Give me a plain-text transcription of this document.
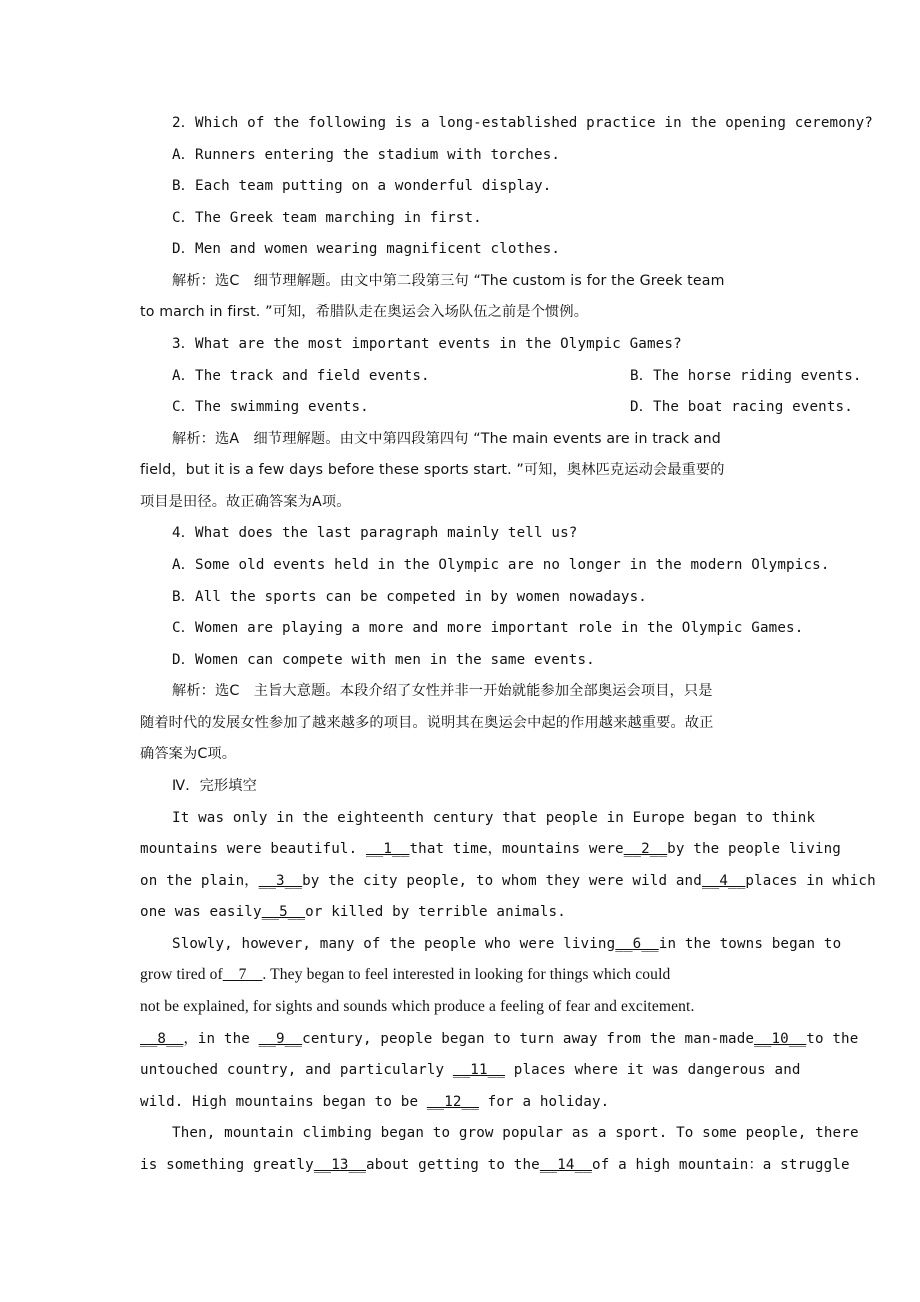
2．Which of the following is a long-established practice in the opening ceremony?
A．Runners entering the stadium with torches.
B．Each team putting on a wonderful display.
C．The Greek team marching in first.
D．Men and women wearing magnificent clothes.
解析：选C　细节理解题。由文中第二段第三句 “The custom is for the Greek team
to march in first. ”可知，希腊队走在奥运会入场队伍之前是个惯例。
3．What are the most important events in the Olympic Games?
A．The track and field events.	B．The horse riding events.
C．The swimming events.	D．The boat racing events.
解析：选A　细节理解题。由文中第四段第四句 “The main events are in track and
field，but it is a few days before these sports start. ”可知，奥林匹克运动会最重要的
项目是田径。故正确答案为A项。
4．What does the last paragraph mainly tell us?
A．Some old events held in the Olympic are no longer in the modern Olympics.
B．All the sports can be competed in by women nowadays.
C．Women are playing a more and more important role in the Olympic Games.
D．Women can compete with men in the same events.
解析：选C　主旨大意题。本段介绍了女性并非一开始就能参加全部奥运会项目，只是
随着时代的发展女性参加了越来越多的项目。说明其在奥运会中起的作用越来越重要。故正
确答案为C项。
Ⅳ．完形填空
It was only in the eighteenth century that people in Europe began to think
mountains were beautiful. __1__that time，mountains were__2__by the people living
on the plain，__3__by the city people, to whom they were wild and__4__places in which
one was easily__5__or killed by terrible animals.
Slowly, however, many of the people who were living__6__in the towns began to
grow tired of__7__. They began to feel interested in looking for things which could
not be explained, for sights and sounds which produce a feeling of fear and excitement.
__8__，in the __9__century, people began to turn away from the man-made__10__to the
untouched country, and particularly __11__ places where it was dangerous and
wild. High mountains began to be __12__ for a holiday.
Then, mountain climbing began to grow popular as a sport. To some people, there
is something greatly__13__about getting to the__14__of a high mountain：a struggle
